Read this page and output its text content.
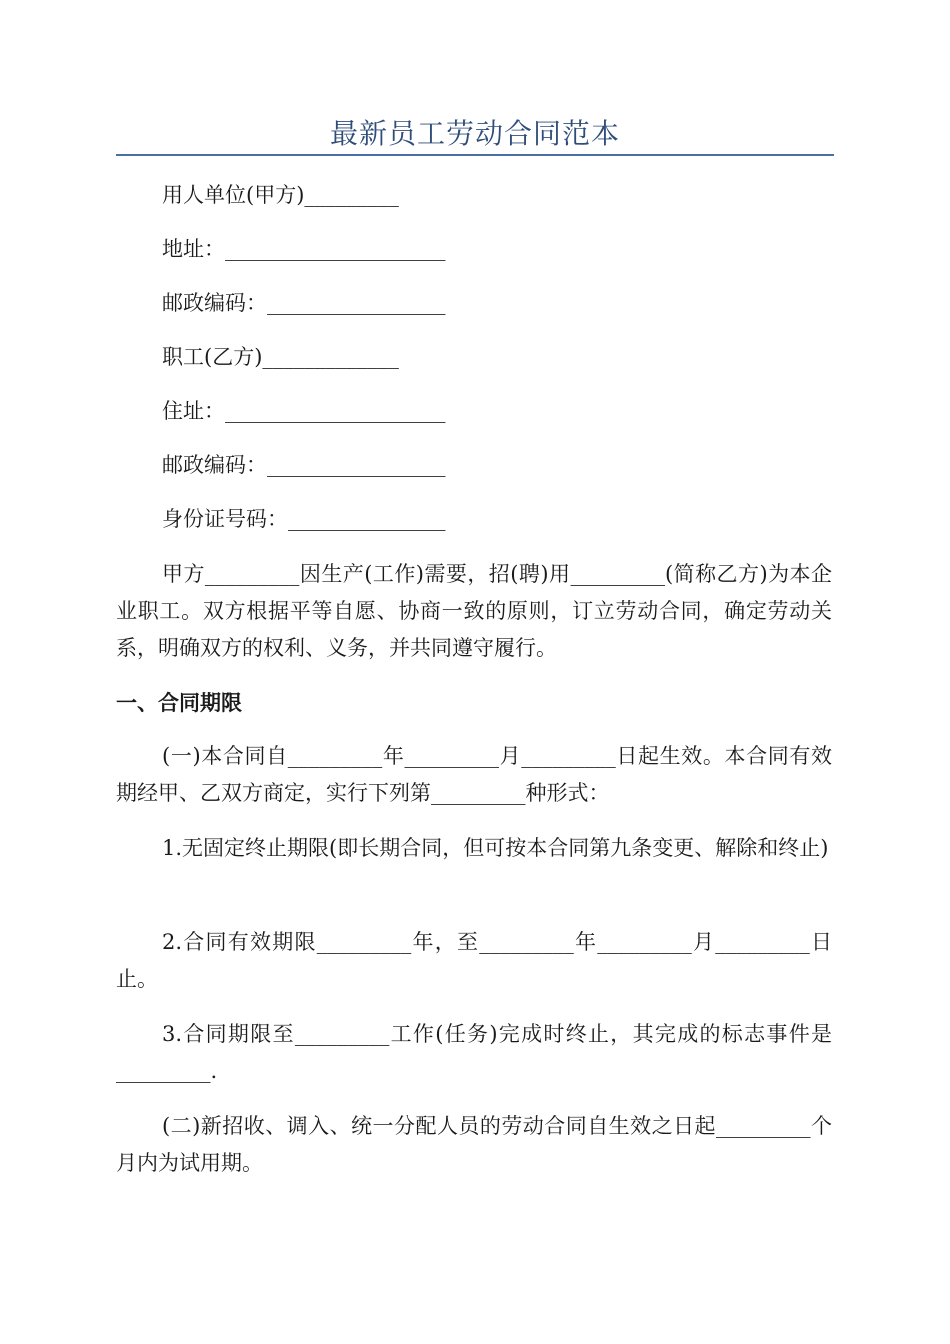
最新员工劳动合同范本
用人单位(甲方)_________
地址：_____________________
邮政编码：_________________
职工(乙方)_____________
住址：_____________________
邮政编码：_________________
身份证号码：_______________
甲方_________因生产(工作)需要，招(聘)用_________(简称乙方)为本企业职工。双方根据平等自愿、协商一致的原则，订立劳动合同，确定劳动关系，明确双方的权利、义务，并共同遵守履行。
一、合同期限
(一)本合同自_________年_________月_________日起生效。本合同有效期经甲、乙双方商定，实行下列第_________种形式：
1.无固定终止期限(即长期合同，但可按本合同第九条变更、解除和终止)
2.合同有效期限_________年，至_________年_________月_________日止。
3.合同期限至_________工作(任务)完成时终止，其完成的标志事件是_________.
(二)新招收、调入、统一分配人员的劳动合同自生效之日起_________个月内为试用期。
